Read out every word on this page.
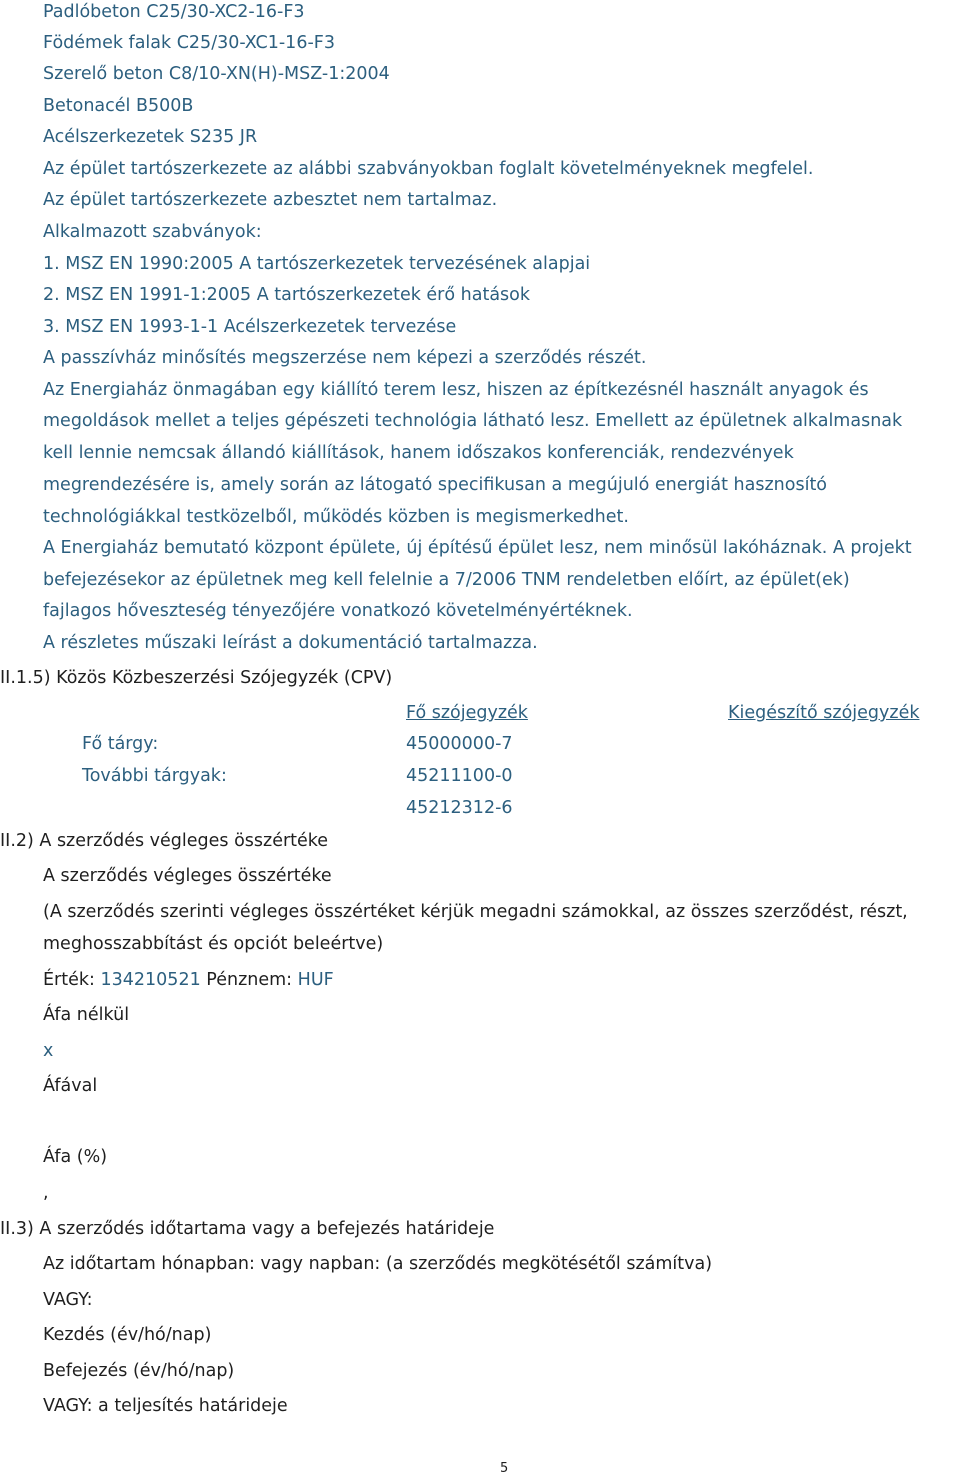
Padlóbeton C25/30-XC2-16-F3
Födémek falak C25/30-XC1-16-F3
Szerelő beton C8/10-XN(H)-MSZ-1:2004
Betonacél B500B
Acélszerkezetek S235 JR
Az épület tartószerkezete az alábbi szabványokban foglalt követelményeknek megfelel.
Az épület tartószerkezete azbesztet nem tartalmaz.
Alkalmazott szabványok:
1. MSZ EN 1990:2005 A tartószerkezetek tervezésének alapjai
2. MSZ EN 1991-1:2005 A tartószerkezetek érő hatások
3. MSZ EN 1993-1-1 Acélszerkezetek tervezése
A passzívház minősítés megszerzése nem képezi a szerződés részét.
Az Energiaház önmagában egy kiállító terem lesz, hiszen az építkezésnél használt anyagok és
megoldások mellet a teljes gépészeti technológia látható lesz. Emellett az épületnek alkalmasnak
kell lennie nemcsak állandó kiállítások, hanem időszakos konferenciák, rendezvények
megrendezésére is, amely során az látogató specifikusan a megújuló energiát hasznosító
technológiákkal testközelből, működés közben is megismerkedhet.
A Energiaház bemutató központ épülete, új építésű épület lesz, nem minősül lakóháznak. A projekt
befejezésekor az épületnek meg kell felelnie a 7/2006 TNM rendeletben előírt, az épület(ek)
fajlagos hőveszteség tényezőjére vonatkozó követelményértéknek.
A részletes műszaki leírást a dokumentáció tartalmazza.
II.1.5) Közös Közbeszerzési Szójegyzék (CPV)
Fő szójegyzék	Kiegészítő szójegyzék
Fő tárgy:	45000000-7
További tárgyak:	45211100-0
45212312-6
II.2) A szerződés végleges összértéke
A szerződés végleges összértéke
(A szerződés szerinti végleges összértéket kérjük megadni számokkal, az összes szerződést, részt,
meghosszabbítást és opciót beleértve)
Érték: 134210521 Pénznem: HUF
Áfa nélkül
x
Áfával
Áfa (%)
,
II.3) A szerződés időtartama vagy a befejezés határideje
Az időtartam hónapban: vagy napban: (a szerződés megkötésétől számítva)
VAGY:
Kezdés (év/hó/nap)
Befejezés (év/hó/nap)
VAGY: a teljesítés határideje
5
